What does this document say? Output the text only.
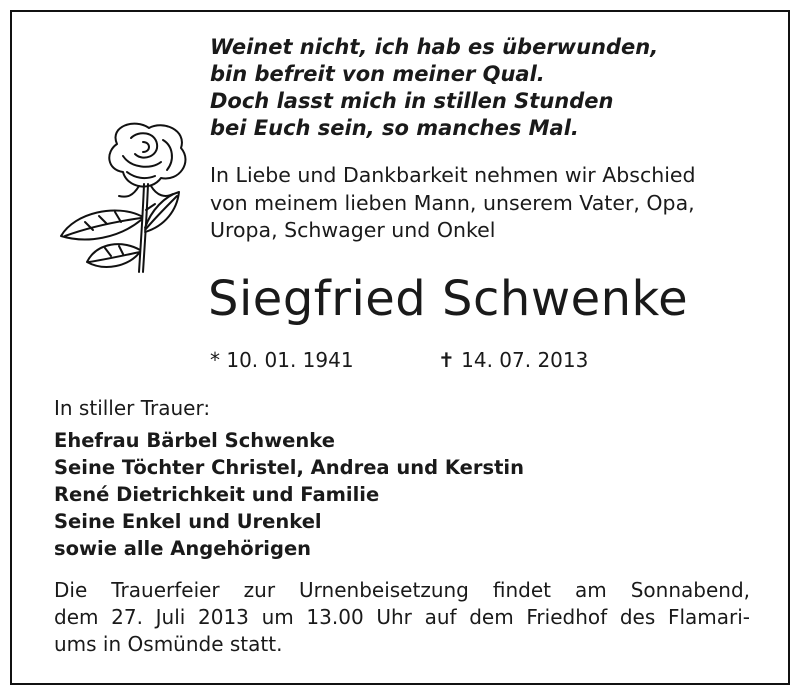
Weinet nicht, ich hab es überwunden,
bin befreit von meiner Qual.
Doch lasst mich in stillen Stunden
bei Euch sein, so manches Mal.
In Liebe und Dankbarkeit nehmen wir Abschied
von meinem lieben Mann, unserem Vater, Opa,
Uropa, Schwager und Onkel
Siegfried Schwenke
* 10. 01. 1941	✝ 14. 07. 2013
In stiller Trauer:
Ehefrau Bärbel Schwenke
Seine Töchter Christel, Andrea und Kerstin
René Dietrichkeit und Familie
Seine Enkel und Urenkel
sowie alle Angehörigen
Die Trauerfeier zur Urnenbeisetzung findet am Sonnabend,
dem 27. Juli 2013 um 13.00 Uhr auf dem Friedhof des Flamari-
ums in Osmünde statt.
